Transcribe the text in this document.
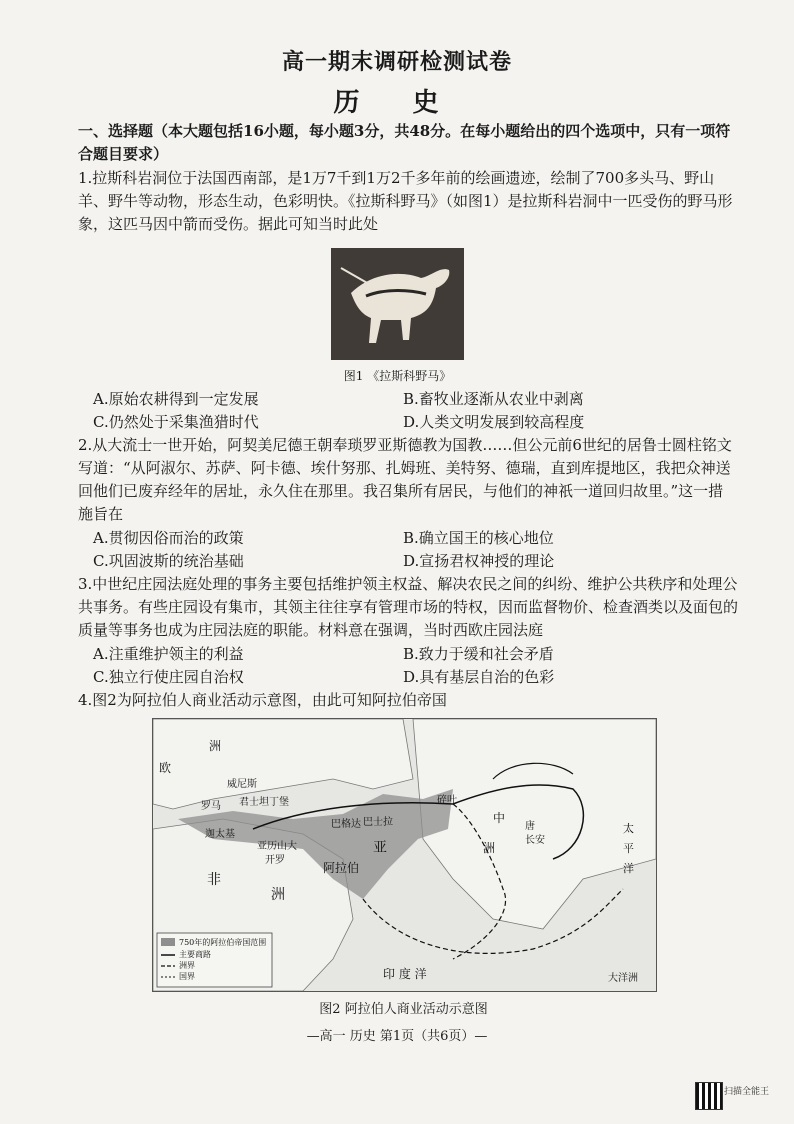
高一期末调研检测试卷
历 史
一、选择题（本大题包括16小题，每小题3分，共48分。在每小题给出的四个选项中，只有一项符合题目要求）
1.拉斯科岩洞位于法国西南部，是1万7千到1万2千多年前的绘画遗迹，绘制了700多头马、野山羊、野牛等动物，形态生动，色彩明快。《拉斯科野马》（如图1）是拉斯科岩洞中一匹受伤的野马形象，这匹马因中箭而受伤。据此可知当时此处
图1 《拉斯科野马》
A.原始农耕得到一定发展	B.畜牧业逐渐从农业中剥离
C.仍然处于采集渔猎时代	D.人类文明发展到较高程度
2.从大流士一世开始，阿契美尼德王朝奉琐罗亚斯德教为国教……但公元前6世纪的居鲁士圆柱铭文写道：“从阿淑尔、苏萨、阿卡德、埃什努那、扎姆班、美特努、德瑞，直到库提地区，我把众神送回他们已废弃经年的居址，永久住在那里。我召集所有居民，与他们的神祇一道回归故里。”这一措施旨在
A.贯彻因俗而治的政策	B.确立国王的核心地位
C.巩固波斯的统治基础	D.宣扬君权神授的理论
3.中世纪庄园法庭处理的事务主要包括维护领主权益、解决农民之间的纠纷、维护公共秩序和处理公共事务。有些庄园设有集市，其领主往往享有管理市场的特权，因而监督物价、检查酒类以及面包的质量等事务也成为庄园法庭的职能。材料意在强调，当时西欧庄园法庭
A.注重维护领主的利益	B.致力于缓和社会矛盾
C.独立行使庄园自治权	D.具有基层自治的色彩
4.图2为阿拉伯人商业活动示意图，由此可知阿拉伯帝国
欧
洲
威尼斯
君士坦丁堡
罗马
迦太基
亚历山大
开罗
巴格达 巴士拉
阿拉伯
非
洲
亚
碎叶
中
唐
长安
洲
印 度 洋
太平洋
大洋洲
750年的阿拉伯帝国范围
主要商路
洲界
国界
图2 阿拉伯人商业活动示意图
—高一 历史 第1页（共6页）—
扫描全能王
